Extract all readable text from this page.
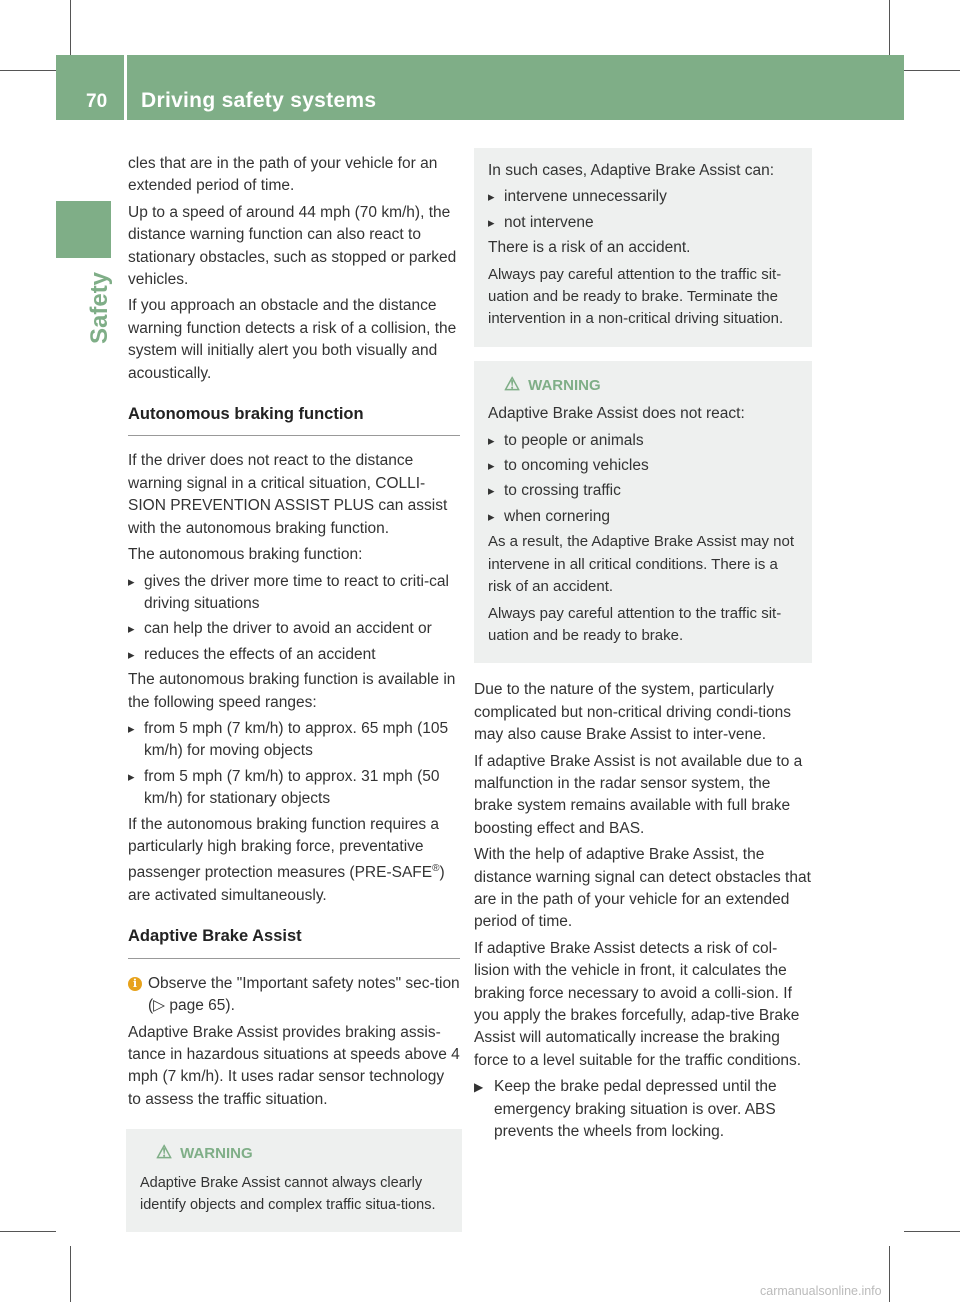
70 Driving safety systems
Safety

cles that are in the path of your vehicle for an extended period of time.

Up to a speed of around 44 mph (70 km/h), the distance warning function can also react to stationary obstacles, such as stopped or parked vehicles.

If you approach an obstacle and the distance warning function detects a risk of a collision, the system will initially alert you both visually and acoustically.

Autonomous braking function

If the driver does not react to the distance warning signal in a critical situation, COLLI-SION PREVENTION ASSIST PLUS can assist with the autonomous braking function.

The autonomous braking function:

▸ gives the driver more time to react to criti-cal driving situations
▸ can help the driver to avoid an accident or
▸ reduces the effects of an accident

The autonomous braking function is available in the following speed ranges:

▸ from 5 mph (7 km/h) to approx. 65 mph (105 km/h) for moving objects
▸ from 5 mph (7 km/h) to approx. 31 mph (50 km/h) for stationary objects

If the autonomous braking function requires a particularly high braking force, preventative passenger protection measures (PRE-SAFE®) are activated simultaneously.

Adaptive Brake Assist
i Observe the "Important safety notes" sec-tion (▷ page 65).

Adaptive Brake Assist provides braking assis-tance in hazardous situations at speeds above 4 mph (7 km/h). It uses radar sensor technology to assess the traffic situation.

⚠ WARNING

Adaptive Brake Assist cannot always clearly identify objects and complex traffic situa-tions.

In such cases, Adaptive Brake Assist can:

▸ intervene unnecessarily
▸ not intervene

There is a risk of an accident.

Always pay careful attention to the traffic sit-uation and be ready to brake. Terminate the intervention in a non-critical driving situation.

⚠ WARNING

Adaptive Brake Assist does not react:

▸ to people or animals
▸ to oncoming vehicles
▸ to crossing traffic
▸ when cornering

As a result, the Adaptive Brake Assist may not intervene in all critical conditions. There is a risk of an accident.

Always pay careful attention to the traffic sit-uation and be ready to brake.

Due to the nature of the system, particularly complicated but non-critical driving condi-tions may also cause Brake Assist to inter-vene.

If adaptive Brake Assist is not available due to a malfunction in the radar sensor system, the brake system remains available with full brake boosting effect and BAS.

With the help of adaptive Brake Assist, the distance warning signal can detect obstacles that are in the path of your vehicle for an extended period of time.

If adaptive Brake Assist detects a risk of col-lision with the vehicle in front, it calculates the braking force necessary to avoid a colli-sion. If you apply the brakes forcefully, adap-tive Brake Assist will automatically increase the braking force to a level suitable for the traffic conditions.

▶ Keep the brake pedal depressed until the emergency braking situation is over. ABS prevents the wheels from locking.
carmanualsonline.info
